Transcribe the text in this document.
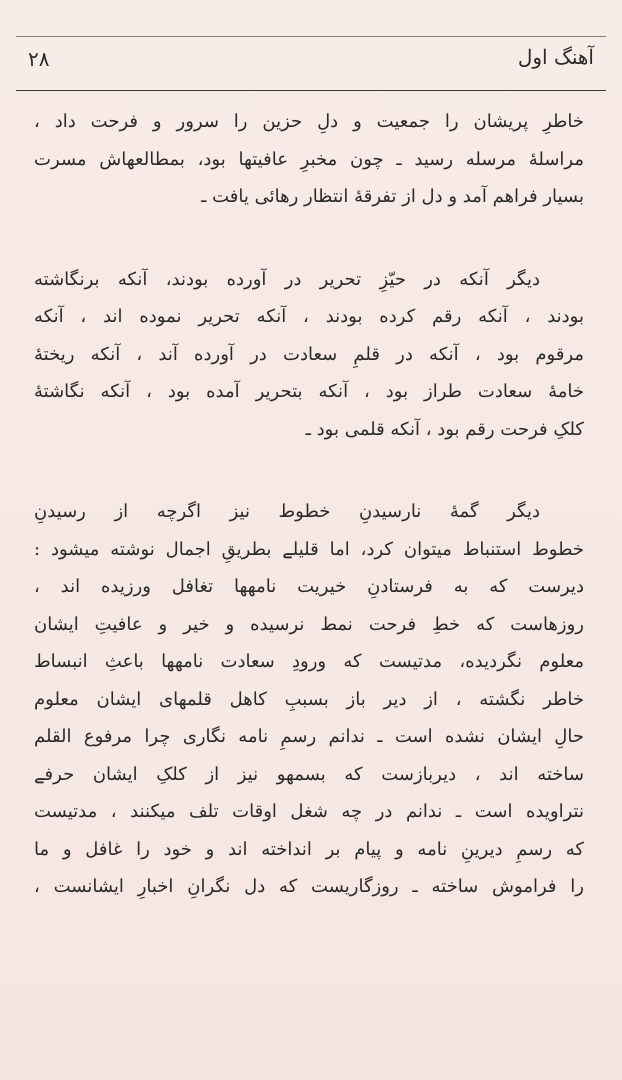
۲۸	آهنگ اول
خاطرِ پریشان را جمعیت و دلِ حزین را سرور و فرحت داد ،
مراسلهٔ مرسله رسید ـ چون مخبرِ عافیتها بود، بمطالعهاش مسرت
بسیار فراهم آمد و دل از تفرقهٔ انتظار رهائی یافت ـ
دیگر آنکه در حیّزِ تحریر در آورده بودند، آنکه برنگاشته
بودند ، آنکه رقم کرده بودند ، آنکه تحریر نموده اند ، آنکه
مرقوم بود ، آنکه در قلمِ سعادت در آورده آند ، آنکه ریختهٔ
خامهٔ سعادت طراز بود ، آنکه بتحریر آمده بود ، آنکه نگاشتهٔ
کلکِ فرحت رقم بود ، آنکه قلمی بود ـ
دیگر گمهٔ نارسیدنِ خطوط نیز اگرچه از رسیدنِ
خطوط استنباط میتوان کرد، اما قلیلے بطریقِ اجمال نوشته میشود :
دیرست که به فرستادنِ خیریت نامهها تغافل ورزیده اند ،
روزهاست که خطِ فرحت نمط نرسیده و خیر و عافیتِ ایشان
معلوم نگردیده، مدتیست که ورودِ سعادت نامهها باعثِ انبساط
خاطر نگشته ، از دیر باز بسببِ کاهل قلمهای ایشان معلوم
حالِ ایشان نشده است ـ ندانم رسمِ نامه نگاری چرا مرفوع القلم
ساخته اند ، دیربازست که بسمهو نیز از کلکِ ایشان حرفے
نتراویده است ـ ندانم در چه شغل اوقات تلف میکنند ، مدتیست
که رسمِ دیرینِ نامه و پیام بر انداخته اند و خود را غافل و ما
را فراموش ساخته ـ روزگاریست که دل نگرانِ اخبارِ ایشانست ،
